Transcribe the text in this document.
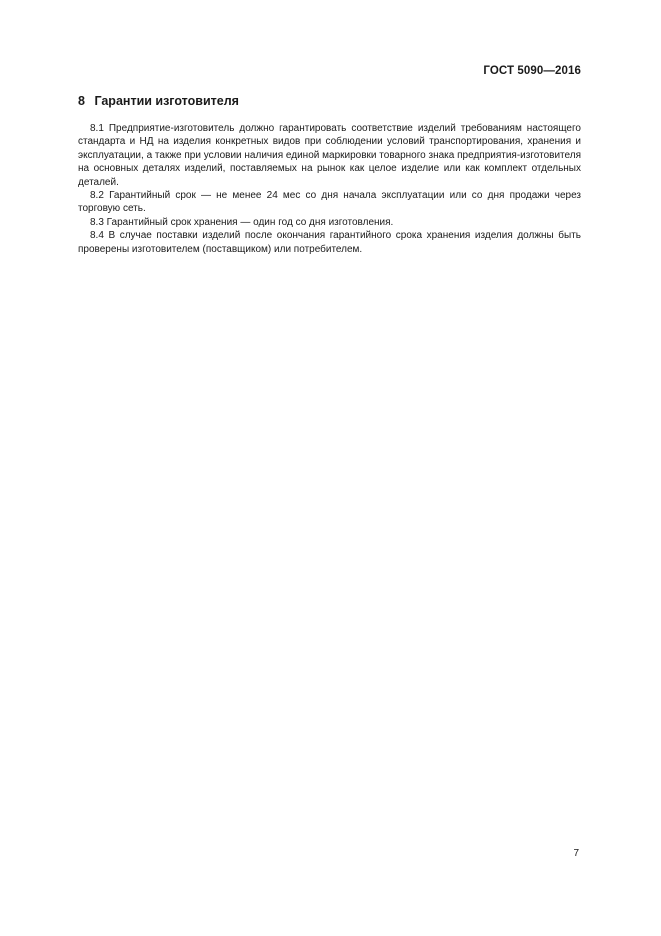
ГОСТ 5090—2016
8 Гарантии изготовителя

8.1 Предприятие-изготовитель должно гарантировать соответствие изделий требованиям настоящего стандарта и НД на изделия конкретных видов при соблюдении условий транспортирования, хранения и эксплуатации, а также при условии наличия единой маркировки товарного знака предприятия-изготовителя на основных деталях изделий, поставляемых на рынок как целое изделие или как комплект отдельных деталей.

8.2 Гарантийный срок — не менее 24 мес со дня начала эксплуатации или со дня продажи через торговую сеть.

8.3 Гарантийный срок хранения — один год со дня изготовления.

8.4 В случае поставки изделий после окончания гарантийного срока хранения изделия должны быть проверены изготовителем (поставщиком) или потребителем.

7
